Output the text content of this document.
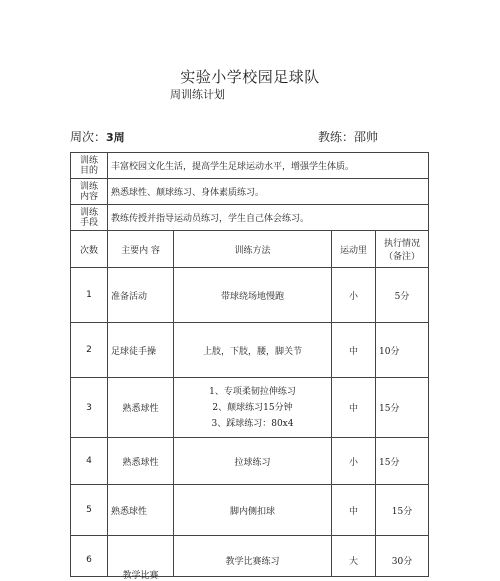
实验小学校园足球队
周训练计划
周次：3周	教练：邵帅
训练
目的	丰富校园文化生活，提高学生足球运动水平，增强学生体质。			

训练
内容	熟悉球性、颠球练习、身体素质练习。			

训练
手段	教练传授并指导运动员练习，学生自己体会练习。			
次数	主要内 容	训练方法	运动里	执行情况
（备注）

1	准备活动	带球绕场地慢跑	小	5分
2	足球徒手操	上肢，下肢，腰，脚关节	中	10分
3	熟悉球性	1、专项柔韧拉伸练习
2、颠球练习15分钟
3、踩球练习：80x4	中	15分
4	熟悉球性	拉球练习	小	15分
5	熟悉球性	脚内侧扣球	中	15分

6	教学比赛	教学比赛练习	大	30分
